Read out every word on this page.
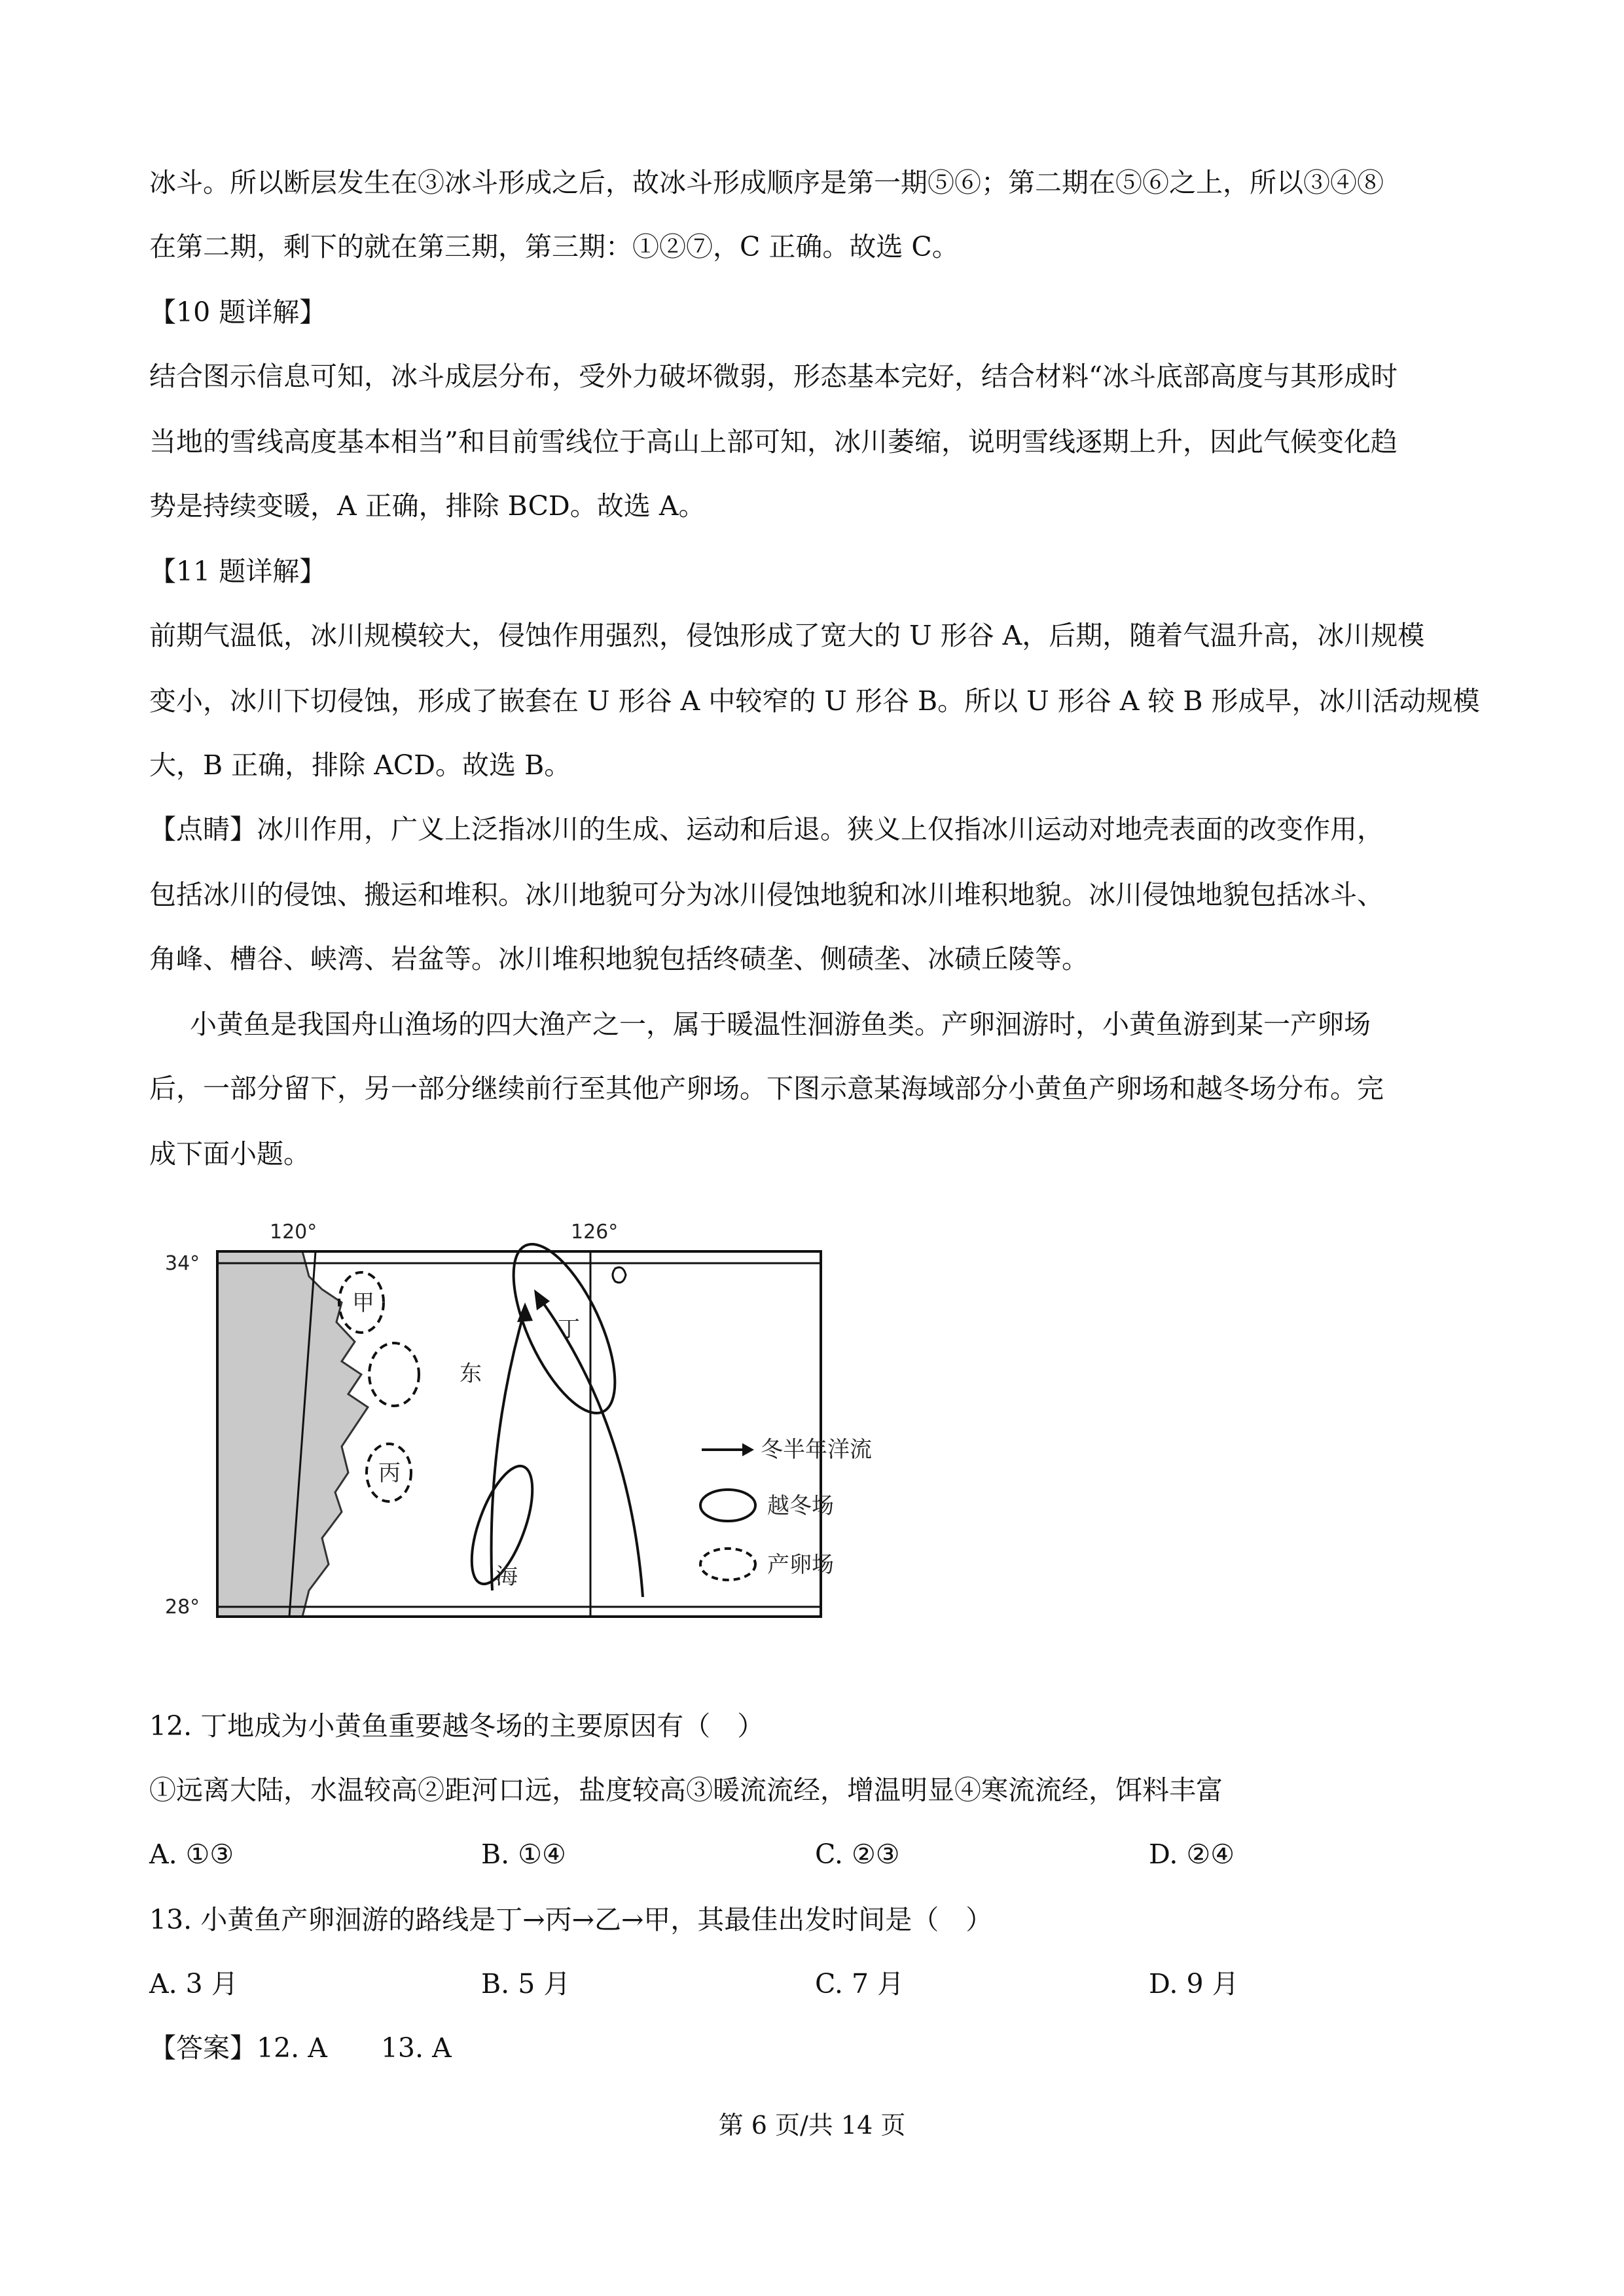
冰斗。所以断层发生在③冰斗形成之后，故冰斗形成顺序是第一期⑤⑥；第二期在⑤⑥之上，所以③④⑧
在第二期，剩下的就在第三期，第三期：①②⑦，C 正确。故选 C。
【10 题详解】
结合图示信息可知，冰斗成层分布，受外力破坏微弱，形态基本完好，结合材料“冰斗底部高度与其形成时
当地的雪线高度基本相当”和目前雪线位于高山上部可知，冰川萎缩，说明雪线逐期上升，因此气候变化趋
势是持续变暖，A 正确，排除 BCD。故选 A。
【11 题详解】
前期气温低，冰川规模较大，侵蚀作用强烈，侵蚀形成了宽大的 U 形谷 A，后期，随着气温升高，冰川规模
变小，冰川下切侵蚀，形成了嵌套在 U 形谷 A 中较窄的 U 形谷 B。所以 U 形谷 A 较 B 形成早，冰川活动规模
大，B 正确，排除 ACD。故选 B。
【点睛】冰川作用，广义上泛指冰川的生成、运动和后退。狭义上仅指冰川运动对地壳表面的改变作用，
包括冰川的侵蚀、搬运和堆积。冰川地貌可分为冰川侵蚀地貌和冰川堆积地貌。冰川侵蚀地貌包括冰斗、
角峰、槽谷、峡湾、岩盆等。冰川堆积地貌包括终碛垄、侧碛垄、冰碛丘陵等。
小黄鱼是我国舟山渔场的四大渔产之一，属于暖温性洄游鱼类。产卵洄游时，小黄鱼游到某一产卵场
后，一部分留下，另一部分继续前行至其他产卵场。下图示意某海域部分小黄鱼产卵场和越冬场分布。完
成下面小题。
120°	126°
34°
28°
甲
丙
丁
东
海
冬半年洋流
越冬场
产卵场
12. 丁地成为小黄鱼重要越冬场的主要原因有（　）
①远离大陆，水温较高②距河口远，盐度较高③暖流流经，增温明显④寒流流经，饵料丰富
A. ①③	B. ①④	C. ②③	D. ②④
13. 小黄鱼产卵洄游的路线是丁→丙→乙→甲，其最佳出发时间是（　）
A. 3 月	B. 5 月	C. 7 月	D. 9 月
【答案】12. A　　13. A
第 6 页/共 14 页
